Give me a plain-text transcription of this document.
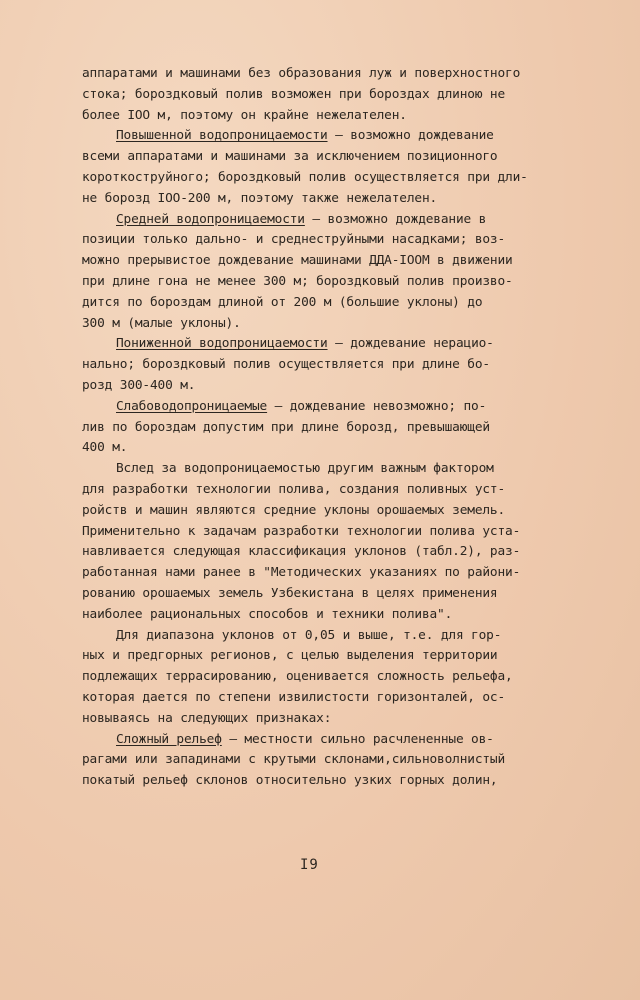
аппаратами и машинами без образования луж и поверхностного
стока; бороздковый полив возможен при бороздах длиною не
более IOO м, поэтому он крайне нежелателен.
Повышенной водопроницаемости – возможно дождевание
всеми аппаратами и машинами за исключением позиционного
короткоструйного; бороздковый полив осуществляется при дли-
не борозд IOO-200 м, поэтому также нежелателен.
Средней водопроницаемости – возможно дождевание в
позиции только дально- и среднеструйными насадками; воз-
можно прерывистое дождевание машинами ДДА-IOOМ в движении
при длине гона не менее 300 м; бороздковый полив произво-
дится по бороздам длиной от 200 м (большие уклоны) до
300 м (малые уклоны).
Пониженной водопроницаемости – дождевание нерацио-
нально; бороздковый полив осуществляется при длине бо-
розд 300-400 м.
Слабоводопроницаемые – дождевание невозможно; по-
лив по бороздам допустим при длине борозд, превышающей
400 м.
Вслед за водопроницаемостью другим важным фактором
для разработки технологии полива, создания поливных уст-
ройств и машин являются средние уклоны орошаемых земель.
Применительно к задачам разработки технологии полива уста-
навливается следующая классификация уклонов (табл.2), раз-
работанная нами ранее в "Методических указаниях по райони-
рованию орошаемых земель Узбекистана в целях применения
наиболее рациональных способов и техники полива".
Для диапазона уклонов от 0,05 и выше, т.е. для гор-
ных и предгорных регионов, с целью выделения территории
подлежащих террасированию, оценивается сложность рельефа,
которая дается по степени извилистости горизонталей, ос-
новываясь на следующих признаках:
Сложный рельеф – местности сильно расчлененные ов-
рагами или западинами с крутыми склонами,сильноволнистый
покатый рельеф склонов относительно узких горных долин,
I9
